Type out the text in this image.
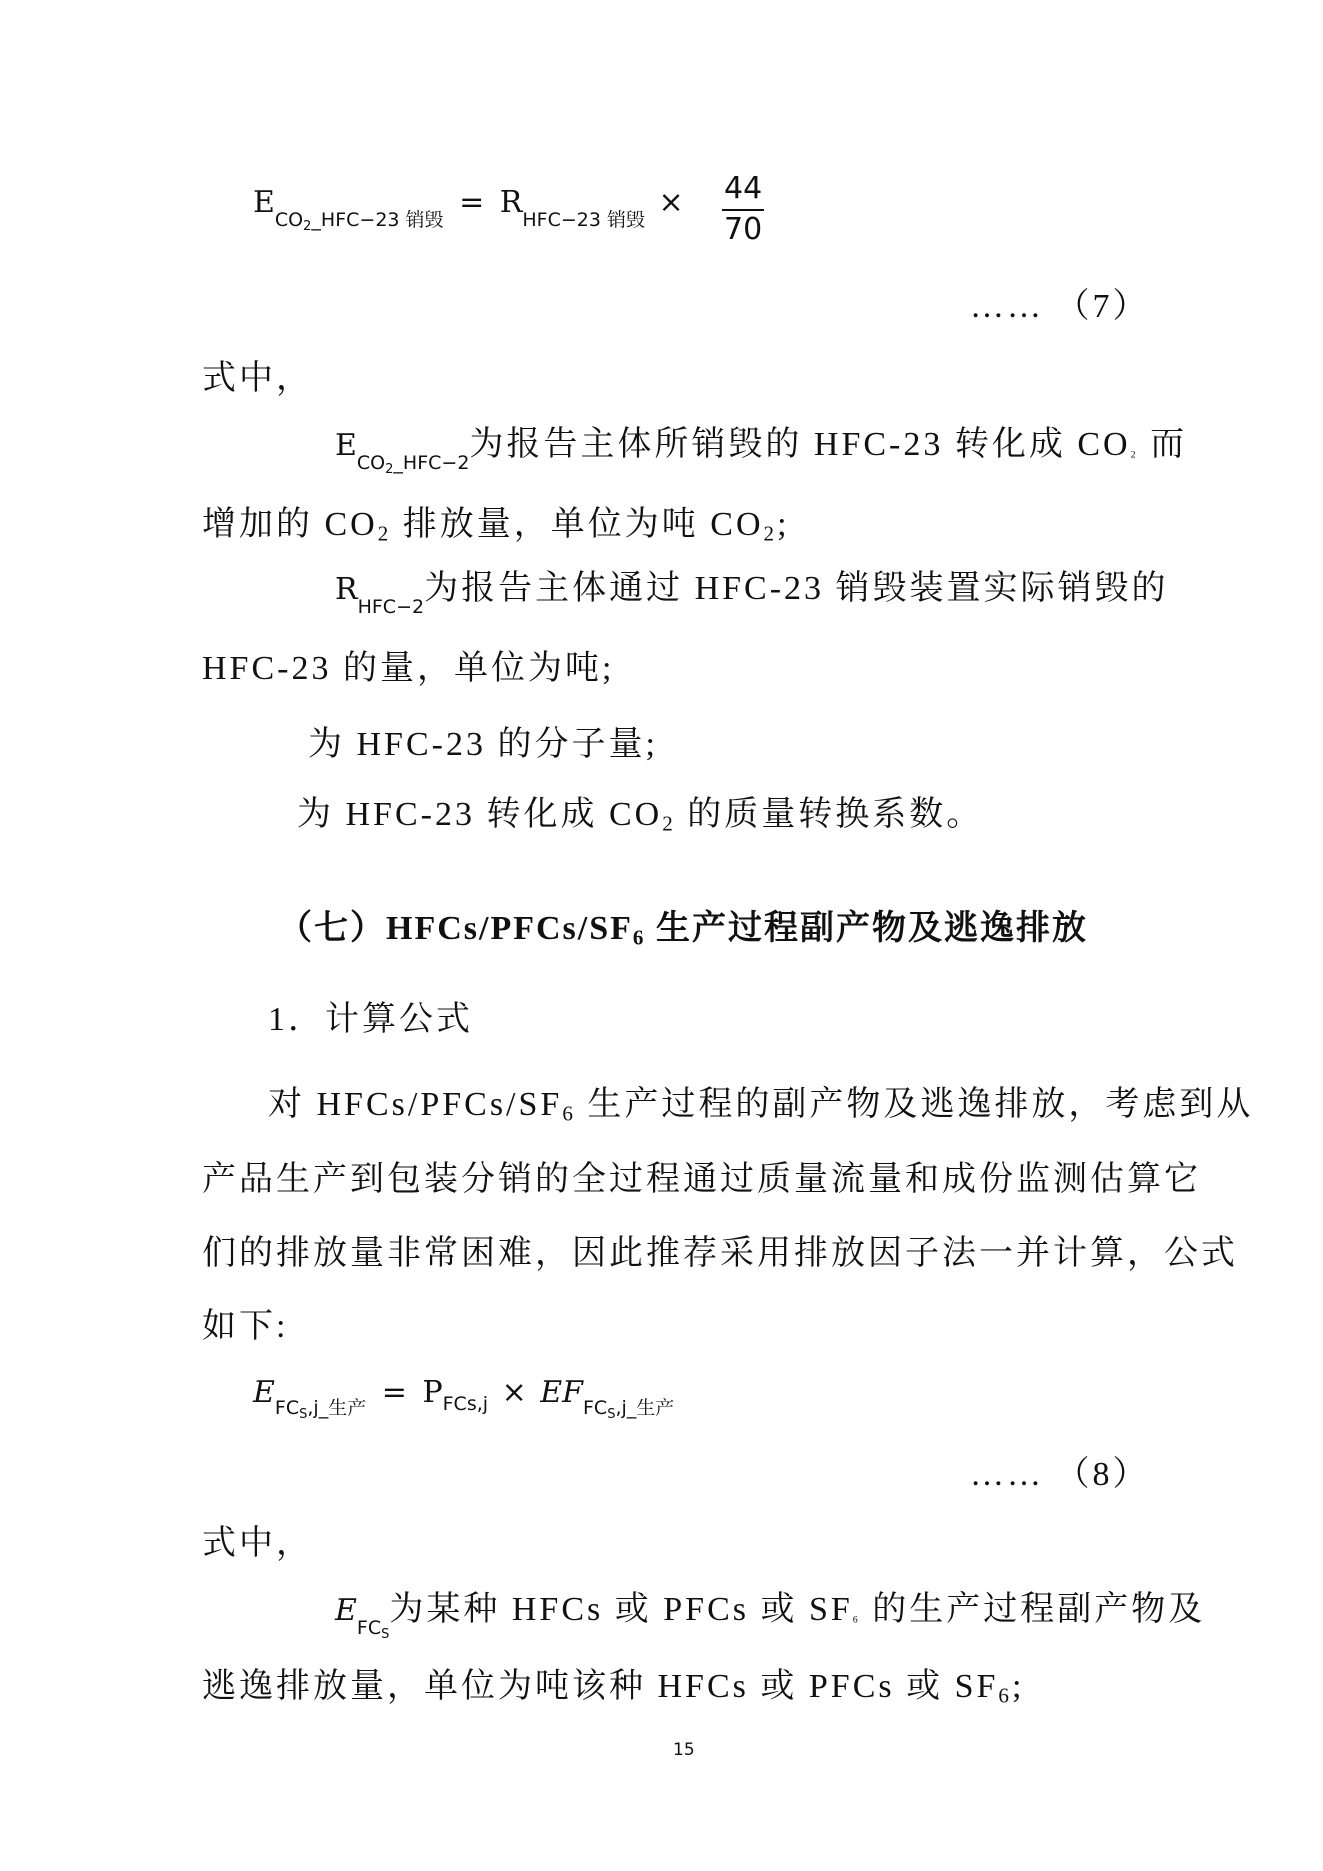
$E_{CO_2\_HFC-23 销毁} = R_{HFC-23 销毁} \times \frac{44}{70}$
…… （7）
式中，
$ECO_2\_HFC-2$为报告主体所销毁的 HFC-23 转化成 $CO_2$ 而
增加的 $CO_2$ 排放量，单位为吨 $CO_2$;
RHFC−2为报告主体通过 HFC-23 销毁装置实际销毁的
HFC-23 的量，单位为吨;
为 HFC-23 的分子量;
为 HFC-23 转化成 $CO_2$ 的质量转换系数。
（七）$HFCs/PFCs/SF_6$ 生产过程副产物及逃逸排放
1．计算公式
对 HFCs/$PFCs/SF_6$ 生产过程的副产物及逃逸排放，考虑到从
产品生产到包装分销的全过程通过质量流量和成份监测估算它
们的排放量非常困难，因此推荐采用排放因子法一并计算，公式
如下:
$E_{FC_S,j\_生产} = P_{FCs,j} \times EF_{FC_S,j\_生产}$
…… （8）
式中，
$EFC_S$为某种 HFCs 或 PFCs 或 $SF_6$ 的生产过程副产物及
逃逸排放量，单位为吨该种 HFCs 或 PFCs 或 $SF_6$;
15
